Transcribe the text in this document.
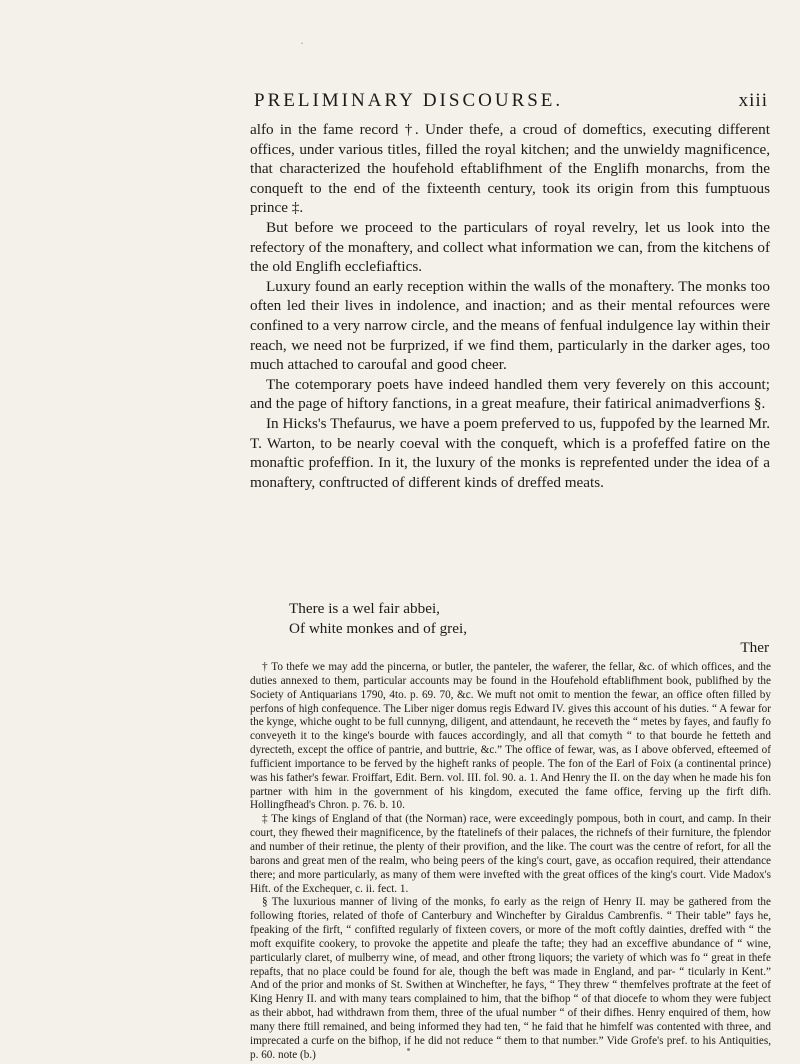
·
PRELIMINARY DISCOURSE.	xiii

alfo in the fame record †. Under thefe, a croud of domeftics, executing different offices, under various titles, filled the royal kitchen; and the unwieldy magnificence, that characterized the houfehold eftablifhment of the Englifh monarchs, from the conqueft to the end of the fixteenth century, took its origin from this fumptuous prince ‡.

But before we proceed to the particulars of royal revelry, let us look into the refectory of the monaftery, and collect what information we can, from the kitchens of the old Englifh ecclefiaftics.

Luxury found an early reception within the walls of the monaftery. The monks too often led their lives in indolence, and inaction; and as their mental refources were confined to a very narrow circle, and the means of fenfual indulgence lay within their reach, we need not be furprized, if we find them, particularly in the darker ages, too much attached to caroufal and good cheer.

The cotemporary poets have indeed handled them very feverely on this account; and the page of hiftory fanctions, in a great meafure, their fatirical animadverfions §.

In Hicks's Thefaurus, we have a poem preferved to us, fuppofed by the learned Mr. T. Warton, to be nearly coeval with the conqueft, which is a profeffed fatire on the monaftic profeffion. In it, the luxury of the monks is reprefented under the idea of a monaftery, conftructed of different kinds of dreffed meats.

There is a wel fair abbei,
Of white monkes and of grei,
Ther

† To thefe we may add the pincerna, or butler, the panteler, the waferer, the fellar, &c. of which offices, and the duties annexed to them, particular accounts may be found in the Houfehold eftablifhment book, publifhed by the Society of Antiquarians 1790, 4to. p. 69. 70, &c. We muft not omit to mention the fewar, an office often filled by perfons of high confequence. The Liber niger domus regis Edward IV. gives this account of his duties. “ A fewar for the kynge, whiche ought to be full cunnyng, diligent, and attendaunt, he receveth the “ metes by fayes, and faufly fo conveyeth it to the kinge's bourde with fauces accordingly, and all that comyth “ to that bourde he fetteth and dyrecteth, except the office of pantrie, and buttrie, &c.” The office of fewar, was, as I above obferved, efteemed of fufficient importance to be ferved by the higheft ranks of people. The fon of the Earl of Foix (a continental prince) was his father's fewar. Froiffart, Edit. Bern. vol. III. fol. 90. a. 1. And Henry the II. on the day when he made his fon partner with him in the government of his kingdom, executed the fame office, ferving up the firft difh. Hollingfhead's Chron. p. 76. b. 10.

‡ The kings of England of that (the Norman) race, were exceedingly pompous, both in court, and camp. In their court, they fhewed their magnificence, by the ftatelinefs of their palaces, the richnefs of their furniture, the fplendor and number of their retinue, the plenty of their provifion, and the like. The court was the centre of refort, for all the barons and great men of the realm, who being peers of the king's court, gave, as occafion required, their attendance there; and more particularly, as many of them were invefted with the great offices of the king's court. Vide Madox's Hift. of the Exchequer, c. ii. fect. 1.

§ The luxurious manner of living of the monks, fo early as the reign of Henry II. may be gathered from the following ftories, related of thofe of Canterbury and Winchefter by Giraldus Cambrenfis. “ Their table” fays he, fpeaking of the firft, “ confifted regularly of fixteen covers, or more of the moft coftly dainties, dreffed with “ the moft exquifite cookery, to provoke the appetite and pleafe the tafte; they had an exceffive abundance of “ wine, particularly claret, of mulberry wine, of mead, and other ftrong liquors; the variety of which was fo “ great in thefe repafts, that no place could be found for ale, though the beft was made in England, and par- “ ticularly in Kent.” And of the prior and monks of St. Swithen at Winchefter, he fays, “ They threw “ themfelves proftrate at the feet of King Henry II. and with many tears complained to him, that the bifhop “ of that diocefe to whom they were fubject as their abbot, had withdrawn from them, three of the ufual number “ of their difhes. Henry enquired of them, how many there ftill remained, and being informed they had ten, “ he faid that he himfelf was contented with three, and imprecated a curfe on the bifhop, if he did not reduce “ them to that number.” Vide Grofe's pref. to his Antiquities, p. 60. note (b.)
